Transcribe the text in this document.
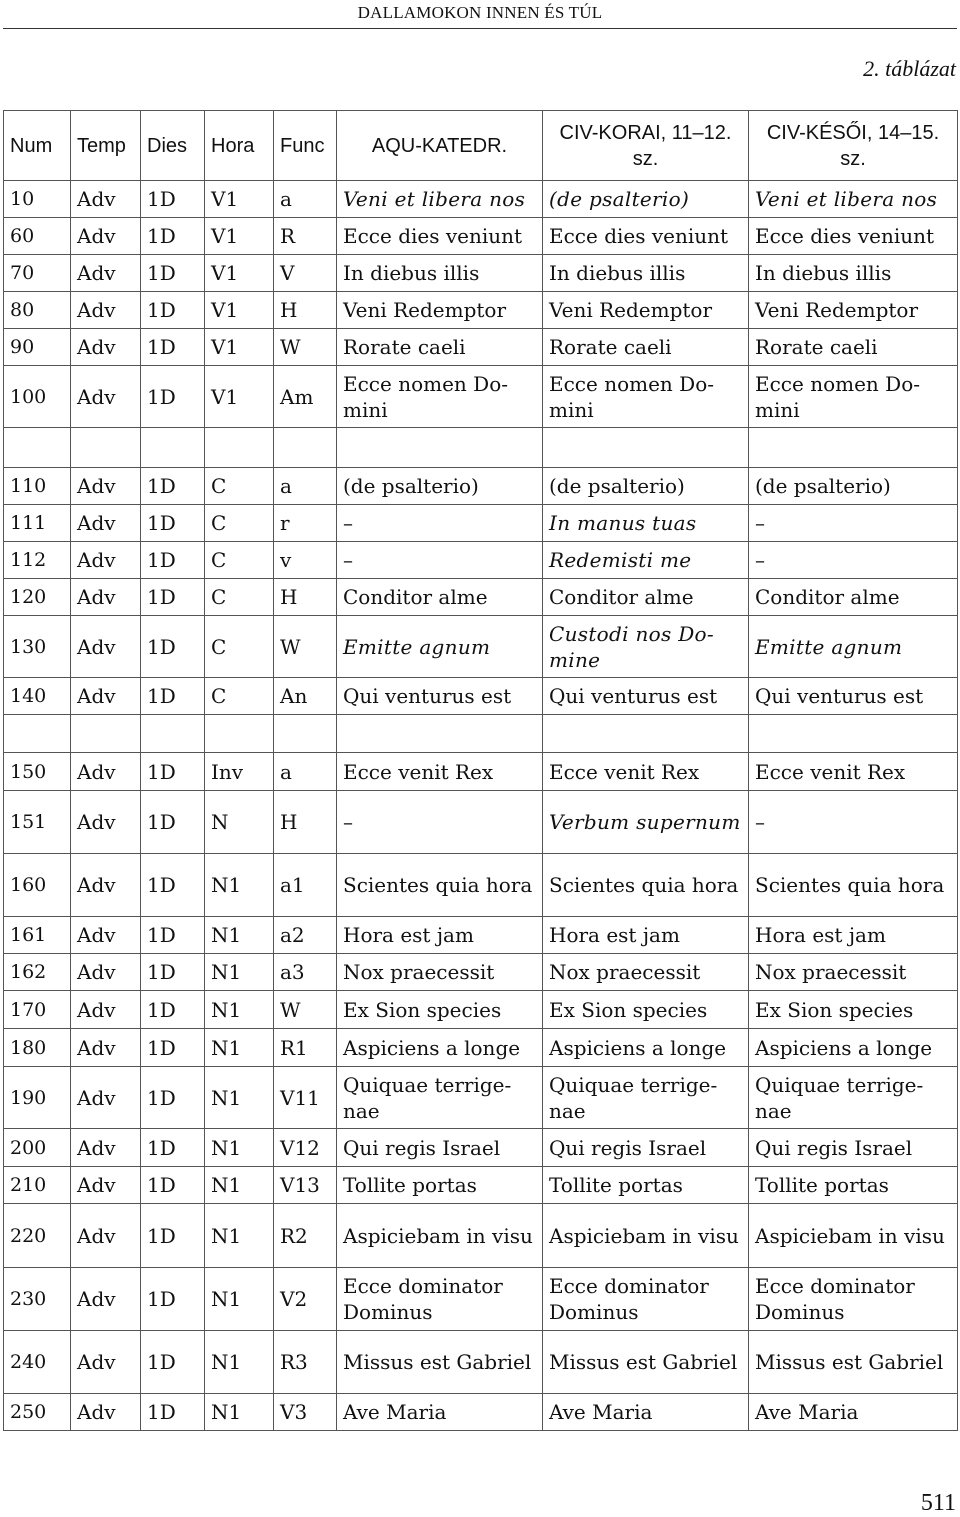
DALLAMOKON INNEN ÉS TÚL
2. táblázat
Num	Temp	Dies	Hora	Func	AQU-KATEDR.	CIV-KORAI, 11–12. sz.	CIV-KÉSŐI, 14–15. sz.
10	Adv	1D	V1	a	Veni et libera nos	(de psalterio)	Veni et libera nos
60	Adv	1D	V1	R	Ecce dies veniunt	Ecce dies veniunt	Ecce dies veniunt
70	Adv	1D	V1	V	In diebus illis	In diebus illis	In diebus illis
80	Adv	1D	V1	H	Veni Redemptor	Veni Redemptor	Veni Redemptor
90	Adv	1D	V1	W	Rorate caeli	Rorate caeli	Rorate caeli
100	Adv	1D	V1	Am	Ecce nomen Domini	Ecce nomen Domini	Ecce nomen Domini

110	Adv	1D	C	a	(de psalterio)	(de psalterio)	(de psalterio)
111	Adv	1D	C	r	–	In manus tuas	–
112	Adv	1D	C	v	–	Redemisti me	–
120	Adv	1D	C	H	Conditor alme	Conditor alme	Conditor alme
130	Adv	1D	C	W	Emitte agnum	Custodi nos Domine	Emitte agnum
140	Adv	1D	C	An	Qui venturus est	Qui venturus est	Qui venturus est

150	Adv	1D	Inv	a	Ecce venit Rex	Ecce venit Rex	Ecce venit Rex
151	Adv	1D	N	H	–	Verbum supernum	–
160	Adv	1D	N1	a1	Scientes quia hora	Scientes quia hora	Scientes quia hora
161	Adv	1D	N1	a2	Hora est jam	Hora est jam	Hora est jam
162	Adv	1D	N1	a3	Nox praecessit	Nox praecessit	Nox praecessit
170	Adv	1D	N1	W	Ex Sion species	Ex Sion species	Ex Sion species
180	Adv	1D	N1	R1	Aspiciens a longe	Aspiciens a longe	Aspiciens a longe
190	Adv	1D	N1	V11	Quiquae terrigenae	Quiquae terrigenae	Quiquae terrigenae
200	Adv	1D	N1	V12	Qui regis Israel	Qui regis Israel	Qui regis Israel
210	Adv	1D	N1	V13	Tollite portas	Tollite portas	Tollite portas
220	Adv	1D	N1	R2	Aspiciebam in visu	Aspiciebam in visu	Aspiciebam in visu
230	Adv	1D	N1	V2	Ecce dominator Dominus	Ecce dominator Dominus	Ecce dominator Dominus
240	Adv	1D	N1	R3	Missus est Gabriel	Missus est Gabriel	Missus est Gabriel
250	Adv	1D	N1	V3	Ave Maria	Ave Maria	Ave Maria
511
